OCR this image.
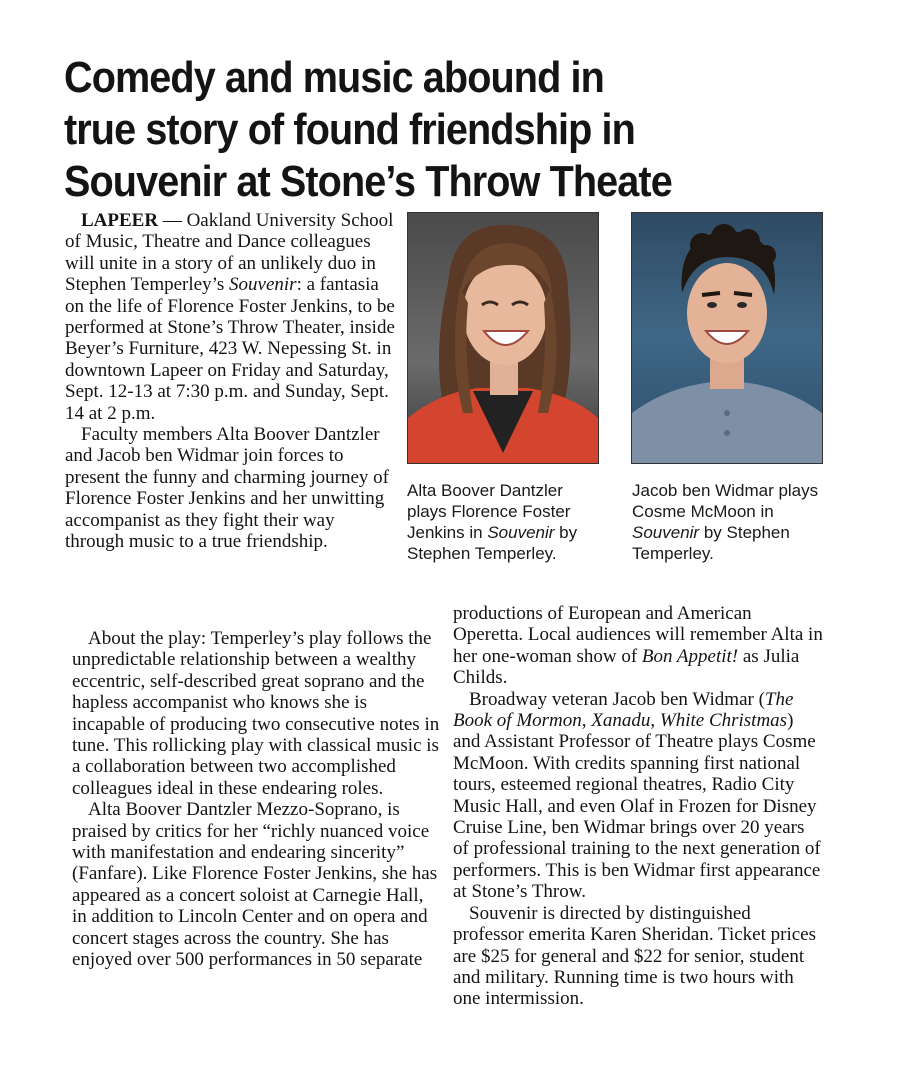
Comedy and music abound in
true story of found friendship in
Souvenir at Stone’s Throw Theate

LAPEER — Oakland University School of Music, Theatre and Dance colleagues will unite in a story of an unlikely duo in Stephen Temperley’s Souvenir: a fantasia on the life of Florence Foster Jenkins, to be performed at Stone’s Throw Theater, inside Beyer’s Furniture, 423 W. Nepessing St. in downtown Lapeer on Friday and Saturday, Sept. 12-13 at 7:30 p.m. and Sunday, Sept. 14 at 2 p.m.

Faculty members Alta Boover Dantzler and Jacob ben Widmar join forces to present the funny and charming journey of Florence Foster Jenkins and her unwitting accompanist as they fight their way through music to a true friendship.

About the play: Temperley’s play follows the unpredictable relationship between a wealthy eccentric, self-described great soprano and the hapless accompanist who knows she is incapable of producing two consecutive notes in tune. This rollicking play with classical music is a collaboration between two accomplished colleagues ideal in these endearing roles.

Alta Boover Dantzler Mezzo-Soprano, is praised by critics for her “richly nuanced voice with manifestation and endearing sincerity” (Fanfare). Like Florence Foster Jenkins, she has appeared as a concert soloist at Carnegie Hall, in addition to Lincoln Center and on opera and concert stages across the country. She has enjoyed over 500 performances in 50 separate

productions of European and American Operetta. Local audiences will remember Alta in her one-woman show of Bon Appetit! as Julia Childs.

Broadway veteran Jacob ben Widmar (The Book of Mormon, Xanadu, White Christmas) and Assistant Professor of Theatre plays Cosme McMoon. With credits spanning first national tours, esteemed regional theatres, Radio City Music Hall, and even Olaf in Frozen for Disney Cruise Line, ben Widmar brings over 20 years of professional training to the next generation of performers. This is ben Widmar first appearance at Stone’s Throw.

Souvenir is directed by distinguished professor emerita Karen Sheridan. Ticket prices are $25 for general and $22 for senior, student and military. Running time is two hours with one intermission.

Alta Boover Dantzler plays Florence Foster Jenkins in Souvenir by Stephen Temperley.
Jacob ben Widmar plays Cosme McMoon in Souvenir by Stephen Temperley.
